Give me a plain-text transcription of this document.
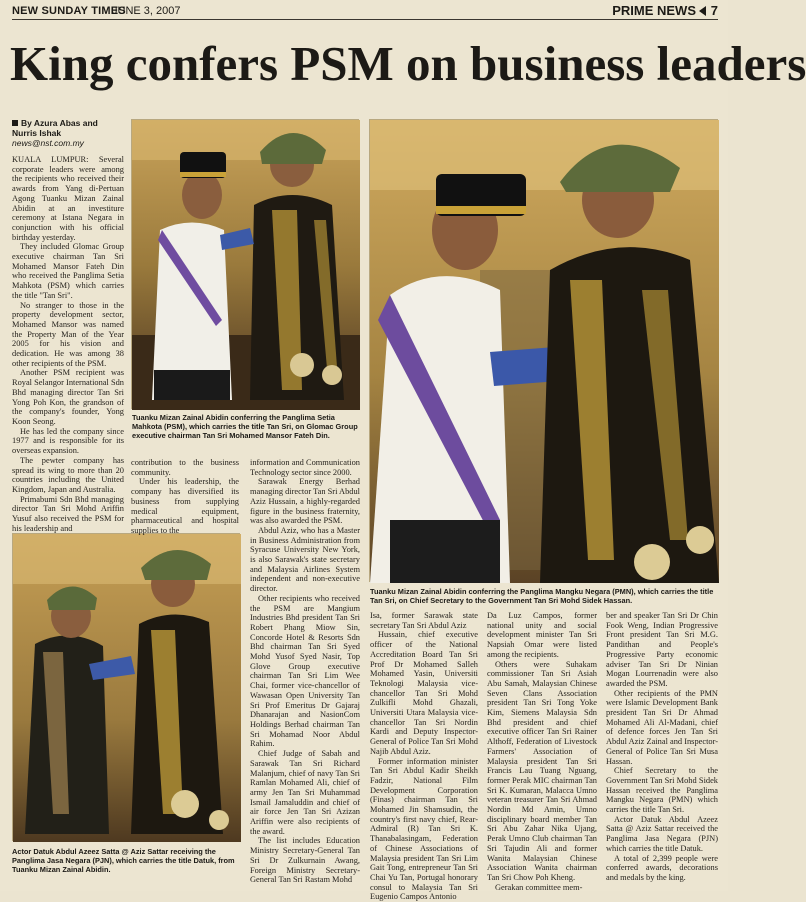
NEW SUNDAY TIMES
JUNE 3, 2007	PRIME NEWS 7
King confers PSM on business leaders
By Azura Abas and Nurris Ishak
news@nst.com.my
Tuanku Mizan Zainal Abidin conferring the Panglima Setia Mahkota (PSM), which carries the title Tan Sri, on Glomac Group executive chairman Tan Sri Mohamed Mansor Fateh Din.
Tuanku Mizan Zainal Abidin conferring the Panglima Mangku Negara (PMN), which carries the title Tan Sri, on Chief Secretary to the Government Tan Sri Mohd Sidek Hassan.
Actor Datuk Abdul Azeez Satta @ Aziz Sattar receiving the Panglima Jasa Negara (PJN), which carries the title Datuk, from Tuanku Mizan Zainal Abidin.

KUALA LUMPUR: Several corporate leaders were among the recipients who received their awards from Yang di-Pertuan Agong Tuanku Mizan Zainal Abidin at an investiture ceremony at Istana Negara in conjunction with his official birthday yesterday.

They included Glomac Group executive chairman Tan Sri Mohamed Mansor Fateh Din who received the Panglima Setia Mahkota (PSM) which carries the title "Tan Sri".

No stranger to those in the property development sector, Mohamed Mansor was named the Property Man of the Year 2005 for his vision and dedication. He was among 38 other recipients of the PSM.

Another PSM recipient was Royal Selangor International Sdn Bhd managing director Tan Sri Yong Poh Kon, the grandson of the company's founder, Yong Koon Seong.

He has led the company since 1977 and is responsible for its overseas expansion.

The pewter company has spread its wing to more than 20 countries including the United Kingdom, Japan and Australia.

Primabumi Sdn Bhd managing director Tan Sri Mohd Ariffin Yusuf also received the PSM for his leadership and

contribution to the business community.

Under his leadership, the company has diversified its business from supplying medical equipment, pharmaceutical and hospital supplies to the

information and Communication Technology sector since 2000.

Sarawak Energy Berhad managing director Tan Sri Abdul Aziz Hussain, a highly-regarded figure in the business fraternity, was also awarded the PSM.

Abdul Aziz, who has a Master in Business Administration from Syracuse University New York, is also Sarawak's state secretary and Malaysia Airlines System independent and non-executive director.

Other recipients who received the PSM are Mangium Industries Bhd president Tan Sri Robert Phang Miow Sin, Concorde Hotel & Resorts Sdn Bhd chairman Tan Sri Syed Mohd Yusof Syed Nasir, Top Glove Group executive chairman Tan Sri Lim Wee Chai, former vice-chancellor of Wawasan Open University Tan Sri Prof Emeritus Dr Gajaraj Dhanarajan and NasionCom Holdings Berhad chairman Tan Sri Mohamad Noor Abdul Rahim.

Chief Judge of Sabah and Sarawak Tan Sri Richard Malanjum, chief of navy Tan Sri Ramlan Mohamed Ali, chief of army Jen Tan Sri Muhammad Ismail Jamaluddin and chief of air force Jen Tan Sri Azizan Ariffin were also recipients of the award.

The list includes Education Ministry Secretary-General Tan Sri Dr Zulkurnain Awang, Foreign Ministry Secretary-General Tan Sri Rastam Mohd

Isa, former Sarawak state secretary Tan Sri Abdul Aziz

Hussain, chief executive officer of the National Accreditation Board Tan Sri Prof Dr Mohamed Salleh Mohamed Yasin, Universiti Teknologi Malaysia vice-chancellor Tan Sri Mohd Zulkifli Mohd Ghazali, Universiti Utara Malaysia vice-chancellor Tan Sri Nordin Kardi and Deputy Inspector-General of Police Tan Sri Mohd Najib Abdul Aziz.

Former information minister Tan Sri Abdul Kadir Sheikh Fadzir, National Film Development Corporation (Finas) chairman Tan Sri Mohamed Jin Shamsudin, the country's first navy chief, Rear-Admiral (R) Tan Sri K. Thanabalasingam, Federation of Chinese Associations of Malaysia president Tan Sri Lim Gait Tong, entrepreneur Tan Sri Chai Yu Tan, Portugal honorary consul to Malaysia Tan Sri Eugenio Campos Antonio

Da Luz Campos, former national unity and social development minister Tan Sri Napsiah Omar were listed among the recipients.

Others were Suhakam commissioner Tan Sri Asiah Abu Samah, Malaysian Chinese Seven Clans Association president Tan Sri Tong Yoke Kim, Siemens Malaysia Sdn Bhd president and chief executive officer Tan Sri Rainer Althoff, Federation of Livestock Farmers' Association of Malaysia president Tan Sri Francis Lau Tuang Nguang, former Perak MIC chairman Tan Sri K. Kumaran, Malacca Umno veteran treasurer Tan Sri Ahmad Nordin Md Amin, Umno disciplinary board member Tan Sri Abu Zahar Nika Ujang, Perak Umno Club chairman Tan Sri Tajudin Ali and former Wanita Malaysian Chinese Association Wanita chairman Tan Sri Chow Poh Kheng.

Gerakan committee mem-

ber and speaker Tan Sri Dr Chin Fook Weng, Indian Progressive Front president Tan Sri M.G. Pandithan and People's Progressive Party economic adviser Tan Sri Dr Ninian Mogan Lourrenadin were also awarded the PSM.

Other recipients of the PMN were Islamic Development Bank president Tan Sri Dr Ahmad Mohamed Ali Al-Madani, chief of defence forces Jen Tan Sri Abdul Aziz Zainal and Inspector-General of Police Tan Sri Musa Hassan.

Chief Secretary to the Government Tan Sri Mohd Sidek Hassan received the Panglima Mangku Negara (PMN) which carries the title Tan Sri.

Actor Datuk Abdul Azeez Satta @ Aziz Sattar received the Panglima Jasa Negara (PJN) which carries the title Datuk.

A total of 2,399 people were conferred awards, decorations and medals by the king.
